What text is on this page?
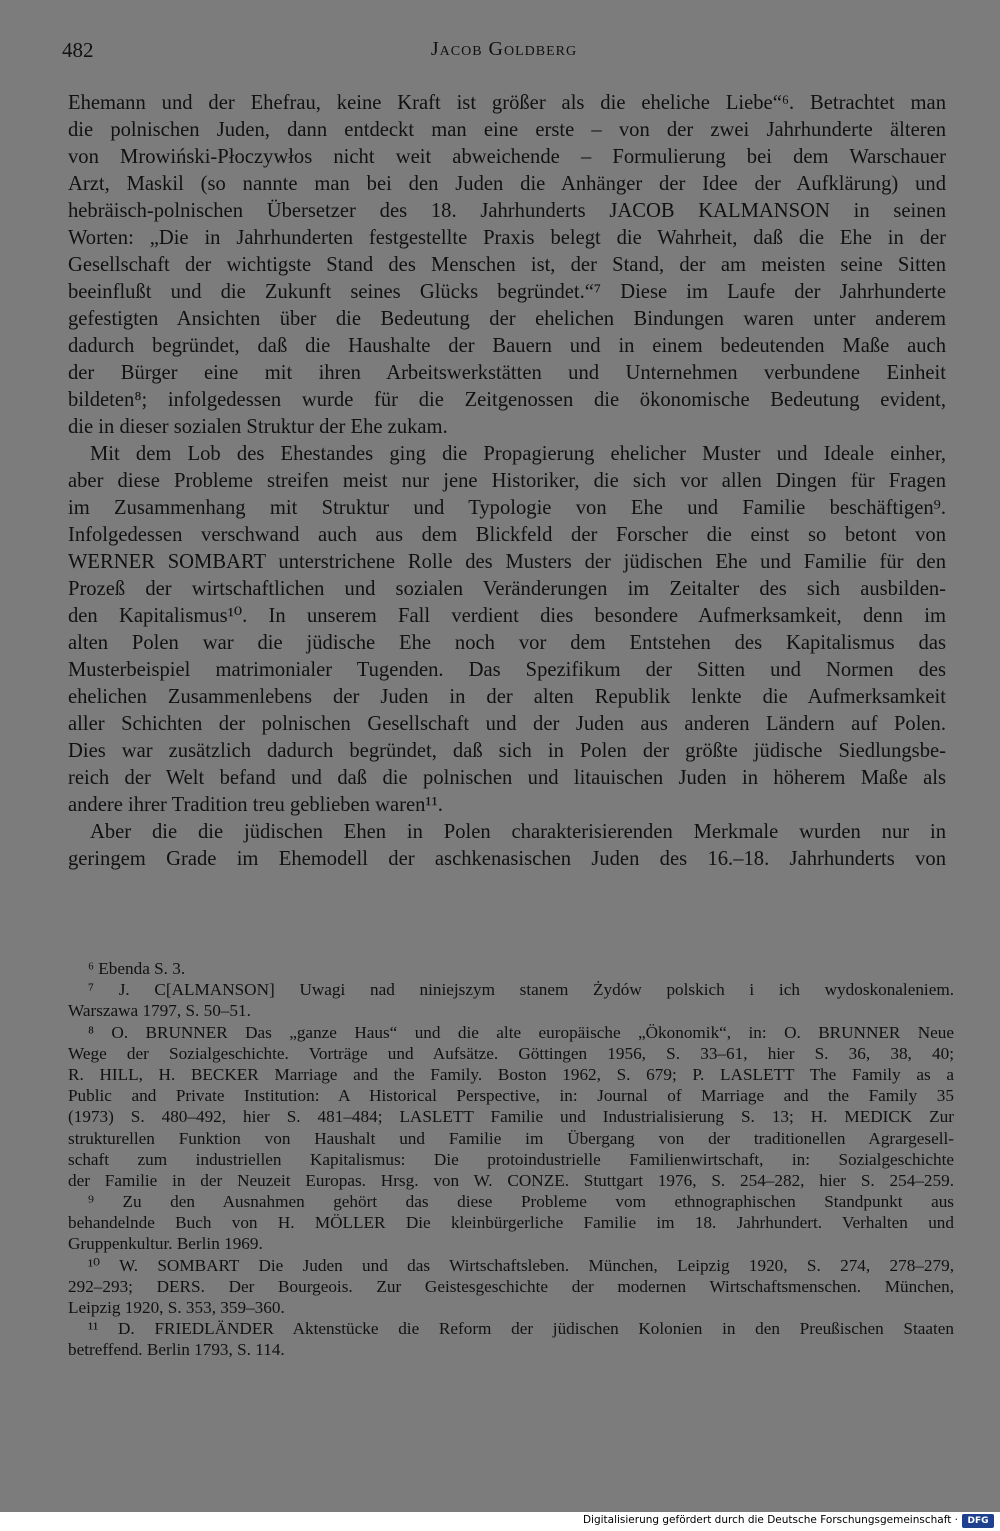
482	Jacob Goldberg
Ehemann und der Ehefrau, keine Kraft ist größer als die eheliche Liebe“⁶. Betrachtet man
die polnischen Juden, dann entdeckt man eine erste – von der zwei Jahrhunderte älteren
von Mrowiński-Płoczywłos nicht weit abweichende – Formulierung bei dem Warschauer
Arzt, Maskil (so nannte man bei den Juden die Anhänger der Idee der Aufklärung) und
hebräisch-polnischen Übersetzer des 18. Jahrhunderts JACOB KALMANSON in seinen
Worten: „Die in Jahrhunderten festgestellte Praxis belegt die Wahrheit, daß die Ehe in der
Gesellschaft der wichtigste Stand des Menschen ist, der Stand, der am meisten seine Sitten
beeinflußt und die Zukunft seines Glücks begründet.“⁷ Diese im Laufe der Jahrhunderte
gefestigten Ansichten über die Bedeutung der ehelichen Bindungen waren unter anderem
dadurch begründet, daß die Haushalte der Bauern und in einem bedeutenden Maße auch
der Bürger eine mit ihren Arbeitswerkstätten und Unternehmen verbundene Einheit
bildeten⁸; infolgedessen wurde für die Zeitgenossen die ökonomische Bedeutung evident,
die in dieser sozialen Struktur der Ehe zukam.
Mit dem Lob des Ehestandes ging die Propagierung ehelicher Muster und Ideale einher,
aber diese Probleme streifen meist nur jene Historiker, die sich vor allen Dingen für Fragen
im Zusammenhang mit Struktur und Typologie von Ehe und Familie beschäftigen⁹.
Infolgedessen verschwand auch aus dem Blickfeld der Forscher die einst so betont von
WERNER SOMBART unterstrichene Rolle des Musters der jüdischen Ehe und Familie für den
Prozeß der wirtschaftlichen und sozialen Veränderungen im Zeitalter des sich ausbilden-
den Kapitalismus¹⁰. In unserem Fall verdient dies besondere Aufmerksamkeit, denn im
alten Polen war die jüdische Ehe noch vor dem Entstehen des Kapitalismus das
Musterbeispiel matrimonialer Tugenden. Das Spezifikum der Sitten und Normen des
ehelichen Zusammenlebens der Juden in der alten Republik lenkte die Aufmerksamkeit
aller Schichten der polnischen Gesellschaft und der Juden aus anderen Ländern auf Polen.
Dies war zusätzlich dadurch begründet, daß sich in Polen der größte jüdische Siedlungsbe-
reich der Welt befand und daß die polnischen und litauischen Juden in höherem Maße als
andere ihrer Tradition treu geblieben waren¹¹.
Aber die die jüdischen Ehen in Polen charakterisierenden Merkmale wurden nur in
geringem Grade im Ehemodell der aschkenasischen Juden des 16.–18. Jahrhunderts von
⁶ Ebenda S. 3.
⁷ J. C[ALMANSON] Uwagi nad niniejszym stanem Żydów polskich i ich wydoskonaleniem.
Warszawa 1797, S. 50–51.
⁸ O. BRUNNER Das „ganze Haus“ und die alte europäische „Ökonomik“, in: O. BRUNNER Neue
Wege der Sozialgeschichte. Vorträge und Aufsätze. Göttingen 1956, S. 33–61, hier S. 36, 38, 40;
R. HILL, H. BECKER Marriage and the Family. Boston 1962, S. 679; P. LASLETT The Family as a
Public and Private Institution: A Historical Perspective, in: Journal of Marriage and the Family 35
(1973) S. 480–492, hier S. 481–484; LASLETT Familie und Industrialisierung S. 13; H. MEDICK Zur
strukturellen Funktion von Haushalt und Familie im Übergang von der traditionellen Agrargesell-
schaft zum industriellen Kapitalismus: Die protoindustrielle Familienwirtschaft, in: Sozialgeschichte
der Familie in der Neuzeit Europas. Hrsg. von W. CONZE. Stuttgart 1976, S. 254–282, hier S. 254–259.
⁹ Zu den Ausnahmen gehört das diese Probleme vom ethnographischen Standpunkt aus
behandelnde Buch von H. MÖLLER Die kleinbürgerliche Familie im 18. Jahrhundert. Verhalten und
Gruppenkultur. Berlin 1969.
¹⁰ W. SOMBART Die Juden und das Wirtschaftsleben. München, Leipzig 1920, S. 274, 278–279,
292–293; DERS. Der Bourgeois. Zur Geistesgeschichte der modernen Wirtschaftsmenschen. München,
Leipzig 1920, S. 353, 359–360.
¹¹ D. FRIEDLÄNDER Aktenstücke die Reform der jüdischen Kolonien in den Preußischen Staaten
betreffend. Berlin 1793, S. 114.
Digitalisierung gefördert durch die Deutsche Forschungsgemeinschaft ·	DFG
